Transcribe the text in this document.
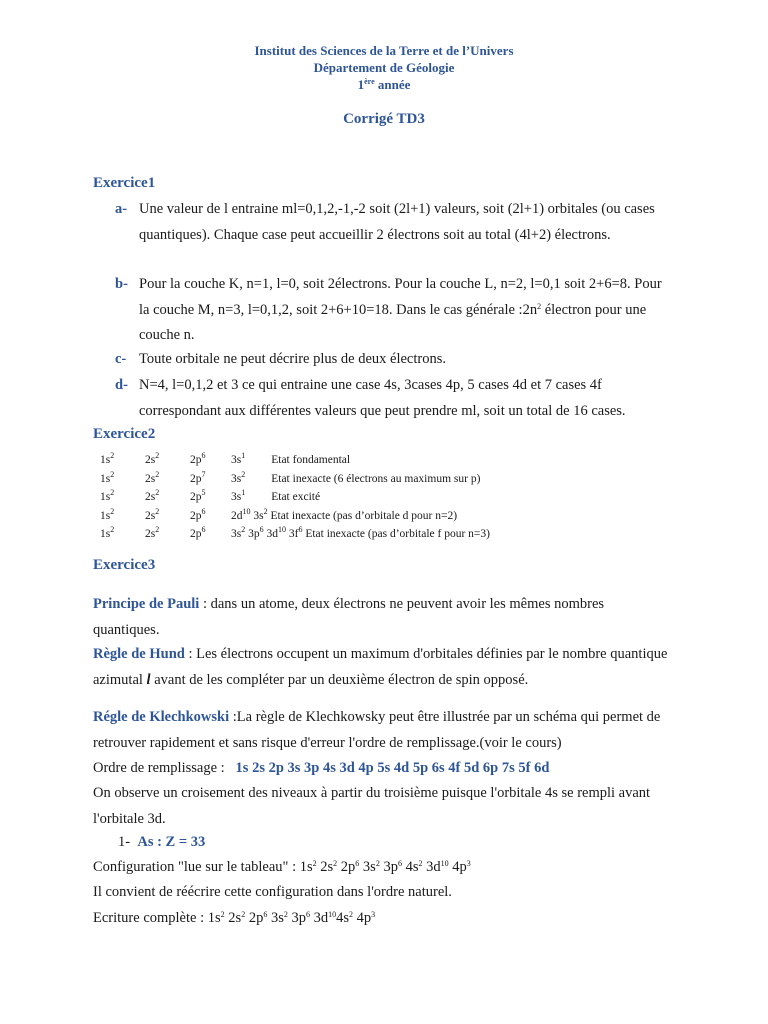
Institut des Sciences de la Terre et de l’Univers
Département de Géologie
1ère année
Corrigé TD3
Exercice1
a- Une valeur de l entraine ml=0,1,2,-1,-2 soit (2l+1) valeurs, soit (2l+1) orbitales (ou cases quantiques). Chaque case peut accueillir 2 électrons soit au total (4l+2) électrons.
b- Pour la couche K, n=1, l=0, soit 2électrons. Pour la couche L, n=2, l=0,1 soit 2+6=8. Pour la couche M, n=3, l=0,1,2, soit 2+6+10=18. Dans le cas générale $:2n^2$ électron pour une couche n.
c- Toute orbitale ne peut décrire plus de deux électrons.
d- N=4, l=0,1,2 et 3 ce qui entraine une case 4s, 3cases 4p, 5 cases 4d et 7 cases 4f correspondant aux différentes valeurs que peut prendre ml, soit un total de 16 cases.
Exercice2
$1s^2$	$2s^2$	$2p^6$	$3s^1$ Etat fondamental
$1s^2$	$2s^2$	$2p^7$	$3s^2$ Etat inexacte (6 électrons au maximum sur p)
$1s^2$	$2s^2$	$2p^5$	$3s^1$ Etat excité
$1s^2$	$2s^2$	$2p^6$	$2d^{10}$ $3s^2$ Etat inexacte (pas d’orbitale d pour n=2)
$1s^2$	$2s^2$	$2p^6$	$3s^2$ $3p^6$ $3d^{10}$ $3f^6$ Etat inexacte (pas d’orbitale f pour n=3)
Exercice3
Principe de Pauli : dans un atome, deux électrons ne peuvent avoir les mêmes nombres quantiques.
Règle de Hund : Les électrons occupent un maximum d'orbitales définies par le nombre quantique azimutal l avant de les compléter par un deuxième électron de spin opposé.
Régle de Klechkowski :La règle de Klechkowsky peut être illustrée par un schéma qui permet de retrouver rapidement et sans risque d'erreur l'ordre de remplissage.(voir le cours)
Ordre de remplissage :   1s 2s 2p 3s 3p 4s 3d 4p 5s 4d 5p 6s 4f 5d 6p 7s 5f 6d
On observe un croisement des niveaux à partir du troisième puisque l'orbitale 4s se rempli avant l'orbitale 3d.
1- As : Z = 33
Configuration "lue sur le tableau" : $1s^2$ $2s^2$ $2p^6$ $3s^2$ $3p^6$ $4s^2$ $3d^{10}$ $4p^3$
Il convient de réécrire cette configuration dans l'ordre naturel.
Ecriture complète : $1s^2$ $2s^2$ $2p^6$ $3s^2$ $3p^6$ $3d^{10}4s^2$ $4p^3$
